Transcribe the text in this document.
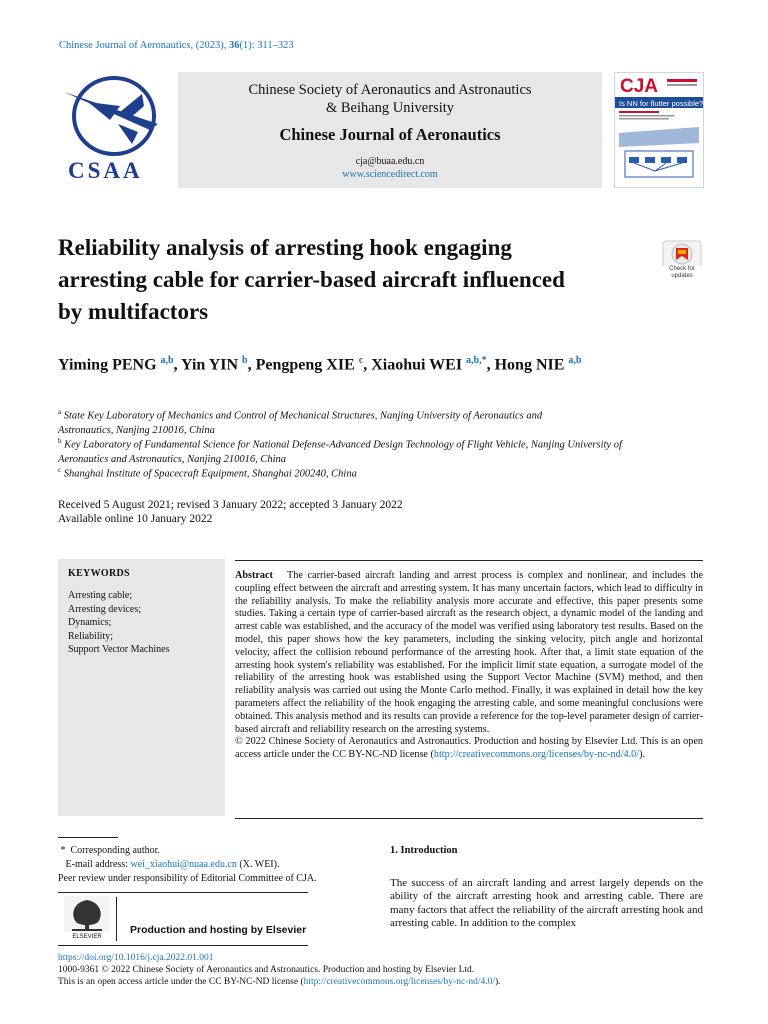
Chinese Journal of Aeronautics, (2023), 36(1): 311–323
CSAA
Chinese Society of Aeronautics and Astronautics
& Beihang University
Chinese Journal of Aeronautics
cja@buaa.edu.cn
www.sciencedirect.com
CJA
Is NN for flutter possible?
Reliability analysis of arresting hook engaging
arresting cable for carrier-based aircraft influenced
by multifactors
Check for
updates
Yiming PENG $^{a,b}$, Yin YIN $^b$, Pengpeng XIE $^c$, Xiaohui WEI $^{a,b,*}$, Hong NIE $^{a,b}$
$^a$ State Key Laboratory of Mechanics and Control of Mechanical Structures, Nanjing University of Aeronautics and
Astronautics, Nanjing 210016, China
$^b$ Key Laboratory of Fundamental Science for National Defense-Advanced Design Technology of Flight Vehicle, Nanjing University of
Aeronautics and Astronautics, Nanjing 210016, China
$^c$ Shanghai Institute of Spacecraft Equipment, Shanghai 200240, China
Received 5 August 2021; revised 3 January 2022; accepted 3 January 2022
Available online 10 January 2022
KEYWORDS
Arresting cable;
Arresting devices;
Dynamics;
Reliability;
Support Vector Machines
Abstract The carrier-based aircraft landing and arrest process is complex and nonlinear, and includes the coupling effect between the aircraft and arresting system. It has many uncertain factors, which lead to difficulty in the reliability analysis. To make the reliability analysis more accurate and effective, this paper presents some studies. Taking a certain type of carrier-based aircraft as the research object, a dynamic model of the landing and arrest cable was established, and the accuracy of the model was verified using laboratory test results. Based on the model, this paper shows how the key parameters, including the sinking velocity, pitch angle and horizontal velocity, affect the collision rebound performance of the arresting hook. After that, a limit state equation of the arresting hook system's reliability was established. For the implicit limit state equation, a surrogate model of the reliability of the arresting hook was established using the Support Vector Machine (SVM) method, and then reliability analysis was carried out using the Monte Carlo method. Finally, it was explained in detail how the key parameters affect the reliability of the hook engaging the arresting cable, and some meaningful conclusions were obtained. This analysis method and its results can provide a reference for the top-level parameter design of carrier-based aircraft and reliability research on the arresting systems.
© 2022 Chinese Society of Aeronautics and Astronautics. Production and hosting by Elsevier Ltd. This is an open access article under the CC BY-NC-ND license (http://creativecommons.org/licenses/by-nc-nd/4.0/).
* Corresponding author.
E-mail address: wei_xiaohui@nuaa.edu.cn (X. WEI).
Peer review under responsibility of Editorial Committee of CJA.
ELSEVIER
Production and hosting by Elsevier
1. Introduction
The success of an aircraft landing and arrest largely depends on the ability of the aircraft arresting hook and arresting cable. There are many factors that affect the reliability of the aircraft arresting hook and arresting cable. In addition to the complex
https://doi.org/10.1016/j.cja.2022.01.001
1000-9361 © 2022 Chinese Society of Aeronautics and Astronautics. Production and hosting by Elsevier Ltd.
This is an open access article under the CC BY-NC-ND license (http://creativecommons.org/licenses/by-nc-nd/4.0/).
